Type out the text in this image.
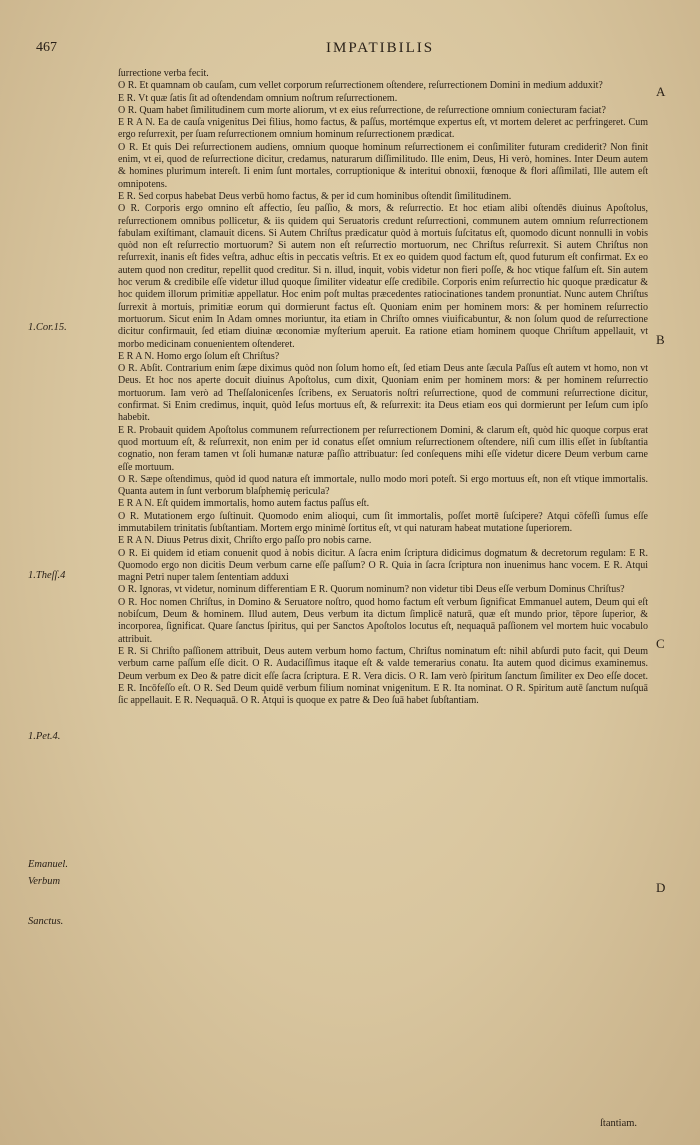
467	IMPATIBILIS

ſurrectione verba fecit.

O R. Et quamnam ob cauſam, cum vellet corporum reſurrectionem oſtendere, reſurrectionem Domini in medium adduxit?

E R. Vt quæ ſatis ſit ad oſtendendam omnium noſtrum reſurrectionem.

O R. Quam habet ſimilitudinem cum morte aliorum, vt ex eius reſurrectione, de reſurrectione omnium coniecturam faciat?

E R A N. Ea de cauſa vnigenitus Dei filius, homo factus, & paſſus, mortémque expertus eſt, vt mortem deleret ac perfringeret. Cum ergo reſurrexit, per ſuam reſurrectionem omnium hominum reſurrectionem prædicat.

O R. Et quis Dei reſurrectionem audiens, omnium quoque hominum reſurrectionem ei conſimiliter futuram crediderit? Non finit enim, vt ei, quod de reſurrectione dicitur, credamus, naturarum diſſimilitudo. Ille enim, Deus, Hi verò, homines. Inter Deum autem & homines plurimum intereſt. Ii enim ſunt mortales, corruptionique & interitui obnoxii, fœnoque & flori aſſimilati, Ille autem eſt omnipotens.

E R. Sed corpus habebat Deus verbū homo factus, & per id cum hominibus oſtendit ſimilitudinem.

O R. Corporis ergo omnino eſt affectio, ſeu paſſio, & mors, & reſurrectio. Et hoc etiam alibi oſtendēs diuinus Apoſtolus, reſurrectionem omnibus pollicetur, & iis quidem qui Seruatoris credunt reſurrectioni, communem autem omnium reſurrectionem fabulam exiſtimant, clamauit dicens. Si Autem Chriſtus prædicatur quòd à mortuis ſuſcitatus eſt, quomodo dicunt nonnulli in vobis quòd non eſt reſurrectio mortuorum? Si autem non eſt reſurrectio mortuorum, nec Chriſtus reſurrexit. Si autem Chriſtus non reſurrexit, inanis eſt fides veſtra, adhuc eſtis in peccatis veſtris. Et ex eo quidem quod factum eſt, quod futurum eſt confirmat. Ex eo autem quod non creditur, repellit quod creditur. Si n. illud, inquit, vobis videtur non fieri poſſe, & hoc vtique falſum eſt. Sin autem hoc verum & credibile eſſe videtur illud quoque ſimiliter videatur eſſe credibile. Corporis enim reſurrectio hic quoque prædicatur & hoc quidem illorum primitiæ appellatur. Hoc enim poſt multas præcedentes ratiocinationes tandem pronuntiat. Nunc autem Chriſtus ſurrexit à mortuis, primitiæ eorum qui dormierunt factus eſt. Quoniam enim per hominem mors: & per hominem reſurrectio mortuorum. Sicut enim In Adam omnes moriuntur, ita etiam in Chriſto omnes viuificabuntur, & non ſolum quod de reſurrectione dicitur confirmauit, ſed etiam diuinæ œconomiæ myſterium aperuit. Ea ratione etiam hominem quoque Chriſtum appellauit, vt morbo medicinam conuenientem oſtenderet.

E R A N. Homo ergo ſolum eſt Chriſtus?

O R. Abſit. Contrarium enim ſæpe diximus quòd non ſolum homo eſt, ſed etiam Deus ante ſæcula Paſſus eſt autem vt homo, non vt Deus. Et hoc nos aperte docuit diuinus Apoſtolus, cum dixit, Quoniam enim per hominem mors: & per hominem reſurrectio mortuorum. Iam verò ad Theſſalonicenſes ſcribens, ex Seruatoris noſtri reſurrectione, quod de communi reſurrectione dicitur, confirmat. Si Enim credimus, inquit, quòd Ieſus mortuus eſt, & reſurrexit: ita Deus etiam eos qui dormierunt per Ieſum cum ipſo habebit.

E R. Probauit quidem Apoſtolus communem reſurrectionem per reſurrectionem Domini, & clarum eſt, quòd hic quoque corpus erat quod mortuum eſt, & reſurrexit, non enim per id conatus eſſet omnium reſurrectionem oſtendere, niſi cum illis eſſet in ſubſtantia cognatio, non feram tamen vt ſoli humanæ naturæ paſſio attribuatur: ſed conſequens mihi eſſe videtur dicere Deum verbum carne eſſe mortuum.

O R. Sæpe oſtendimus, quòd id quod natura eſt immortale, nullo modo mori poteſt. Si ergo mortuus eſt, non eſt vtique immortalis. Quanta autem in ſunt verborum blaſphemię pericula?

E R A N. Eſt quidem immortalis, homo autem factus paſſus eſt.

O R. Mutationem ergo ſuſtinuit. Quomodo enim alioqui, cum ſit immortalis, poſſet mortē ſuſcipere? Atqui cōfeſſi ſumus eſſe immutabilem trinitatis ſubſtantiam. Mortem ergo minimè ſortitus eſt, vt qui naturam habeat mutatione ſuperiorem.

E R A N. Diuus Petrus dixit, Chriſto ergo paſſo pro nobis carne.

O R. Ei quidem id etiam conuenit quod à nobis dicitur. A ſacra enim ſcriptura didicimus dogmatum & decretorum regulam: E R. Quomodo ergo non dicitis Deum verbum carne eſſe paſſum? O R. Quia in ſacra ſcriptura non inuenimus hanc vocem. E R. Atqui magni Petri nuper talem ſententiam adduxi

O R. Ignoras, vt videtur, nominum differentiam E R. Quorum nominum? non videtur tibi Deus eſſe verbum Dominus Chriſtus?

O R. Hoc nomen Chriſtus, in Domino & Seruatore noſtro, quod homo factum eſt verbum ſignificat Emmanuel autem, Deum qui eſt nobiſcum, Deum & hominem. Illud autem, Deus verbum ita dictum ſimplicē naturā, quæ eſt mundo prior, tēpore ſuperior, & incorporea, ſignificat. Quare ſanctus ſpiritus, qui per Sanctos Apoſtolos locutus eſt, nequaquā paſſionem vel mortem huic vocabulo attribuit.

E R. Si Chriſto paſſionem attribuit, Deus autem verbum homo factum, Chriſtus nominatum eſt: nihil abſurdi puto facit, qui Deum verbum carne paſſum eſſe dicit. O R. Audaciſſimus itaque eſt & valde temerarius conatu. Ita autem quod dicimus examinemus. Deum verbum ex Deo & patre dicit eſſe ſacra ſcriptura. E R. Vera dicis. O R. Iam verò ſpiritum ſanctum ſimiliter ex Deo eſſe docet. E R. Incōfeſſo eſt. O R. Sed Deum quidē verbum filium nominat vnigenitum. E R. Ita nominat. O R. Spiritum autē ſanctum nuſquā ſic appellauit. E R. Nequaquā. O R. Atqui is quoque ex patre & Deo ſuā habet ſubſtantiam.

1.Cor.15.
1.Theſſ.4
1.Pet.4.
Emanuel.
Verbum
Sanctus.
A
B
C
D
ſtantiam.
